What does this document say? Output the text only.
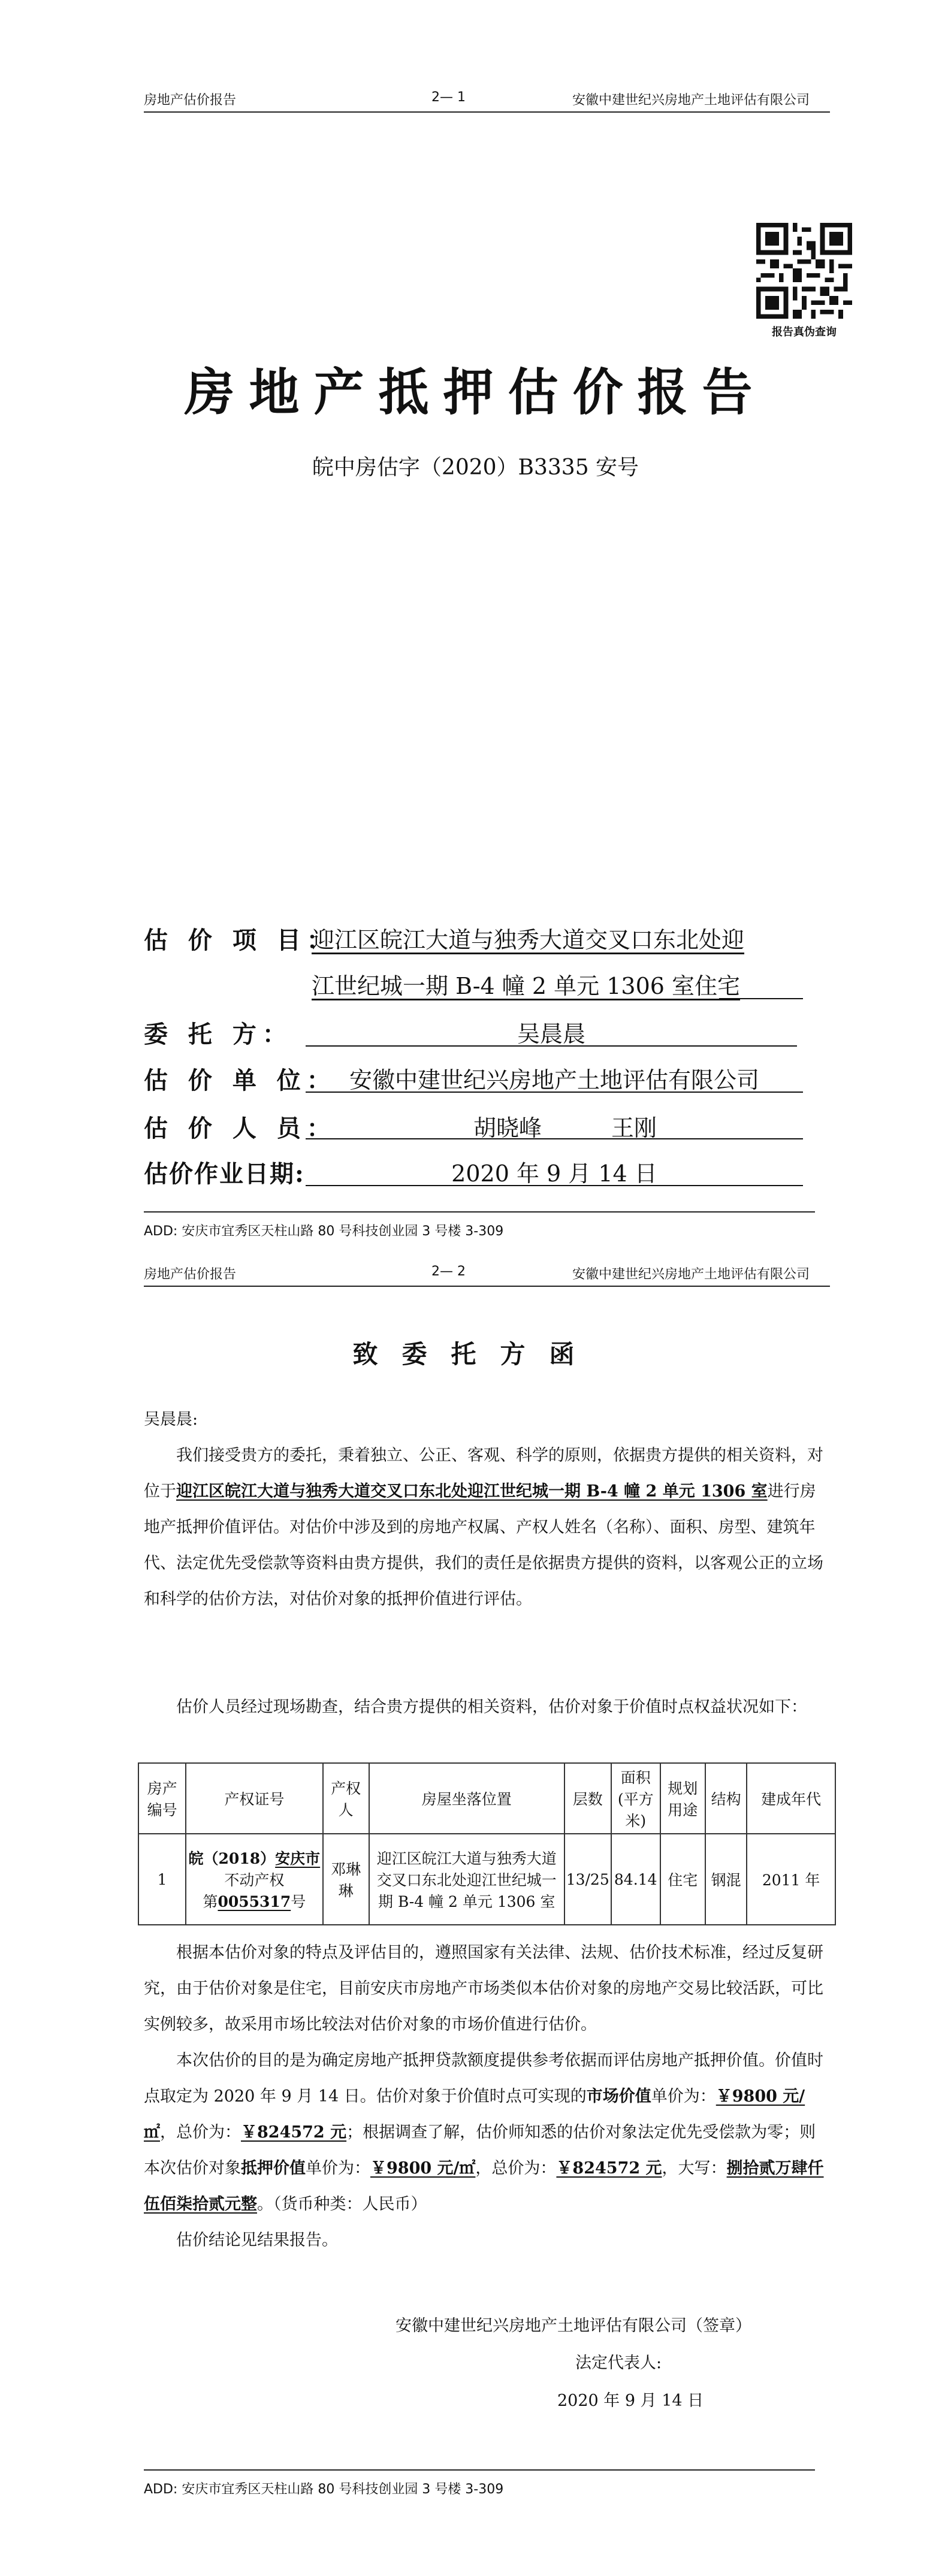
房地产估价报告	2— 1	安徽中建世纪兴房地产土地评估有限公司
报告真伪查询
房地产抵押估价报告
皖中房估字（2020）B3335 安号
估 价 项 目：
迎江区皖江大道与独秀大道交叉口东北处迎
江世纪城一期 B-4 幢 2 单元 1306 室住宅
委 托 方：	吴晨晨
估 价 单 位： 安徽中建世纪兴房地产土地评估有限公司
估 价 人 员：	胡晓峰	王刚
估价作业日期:	2020 年 9 月 14 日
ADD: 安庆市宜秀区天柱山路 80 号科技创业园 3 号楼 3-309
房地产估价报告	2— 2	安徽中建世纪兴房地产土地评估有限公司
致委托方函
吴晨晨:
我们接受贵方的委托，秉着独立、公正、客观、科学的原则，依据贵方提供的相关资料，对位于迎江区皖江大道与独秀大道交叉口东北处迎江世纪城一期 B-4 幢 2 单元 1306 室进行房地产抵押价值评估。对估价中涉及到的房地产权属、产权人姓名（名称）、面积、房型、建筑年代、法定优先受偿款等资料由贵方提供，我们的责任是依据贵方提供的资料，以客观公正的立场和科学的估价方法，对估价对象的抵押价值进行评估。
估价人员经过现场勘查，结合贵方提供的相关资料，估价对象于价值时点权益状况如下：
房产编号	产权证号	产权人	房屋坐落位置	层数	面积(平方米)	规划用途	结构	建成年代
1	皖（2018）安庆市
不动产权
第0055317号	邓琳琳	迎江区皖江大道与独秀大道交叉口东北处迎江世纪城一期 B-4 幢 2 单元 1306 室	13/25	84.14	住宅	钢混	2011 年
根据本估价对象的特点及评估目的，遵照国家有关法律、法规、估价技术标准，经过反复研究，由于估价对象是住宅，目前安庆市房地产市场类似本估价对象的房地产交易比较活跃，可比实例较多，故采用市场比较法对估价对象的市场价值进行估价。
本次估价的目的是为确定房地产抵押贷款额度提供参考依据而评估房地产抵押价值。价值时点取定为 2020 年 9 月 14 日。估价对象于价值时点可实现的市场价值单价为：￥9800 元/㎡，总价为：￥824572 元；根据调查了解，估价师知悉的估价对象法定优先受偿款为零；则本次估价对象抵押价值单价为：￥9800 元/㎡，总价为：￥824572 元，大写：捌拾贰万肆仟伍佰柒拾贰元整。（货币种类：人民币）
估价结论见结果报告。
安徽中建世纪兴房地产土地评估有限公司（签章）
法定代表人:
2020 年 9 月 14 日
ADD: 安庆市宜秀区天柱山路 80 号科技创业园 3 号楼 3-309
